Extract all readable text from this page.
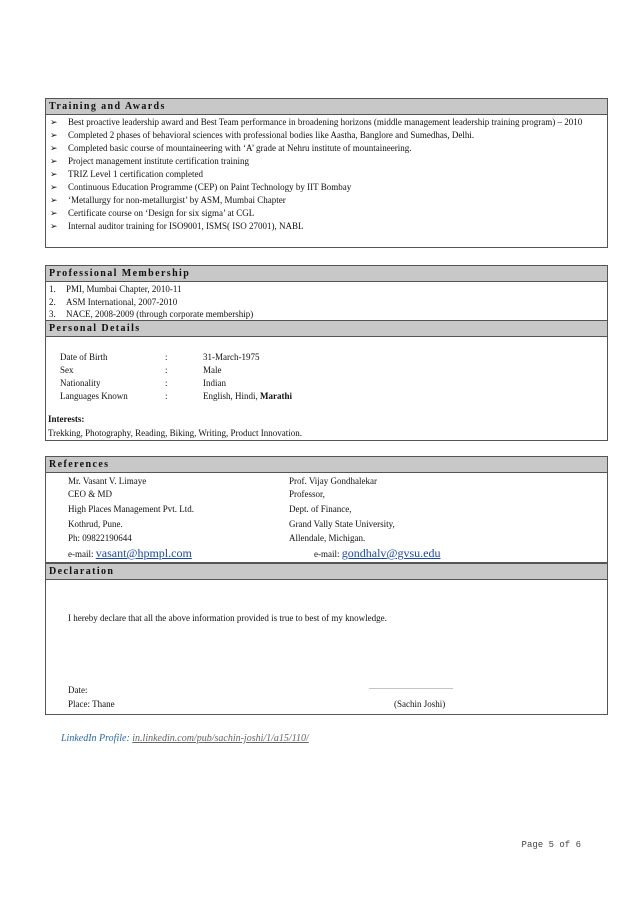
Training and Awards
➢ Best proactive leadership award and Best Team performance in broadening horizons (middle management leadership training program) – 2010
➢ Completed 2 phases of behavioral sciences with professional bodies like Aastha, Banglore and Sumedhas, Delhi.
➢ Completed basic course of mountaineering with ‘A’ grade at Nehru institute of mountaineering.
➢ Project management institute certification training
➢ TRIZ Level 1 certification completed
➢ Continuous Education Programme (CEP) on Paint Technology by IIT Bombay
➢ ‘Metallurgy for non-metallurgist’ by ASM, Mumbai Chapter
➢ Certificate course on ‘Design for six sigma’ at CGL
➢ Internal auditor training for ISO9001, ISMS( ISO 27001), NABL
Professional Membership
1. PMI, Mumbai Chapter, 2010-11
2. ASM International, 2007-2010
3. NACE, 2008-2009 (through corporate membership)
Personal Details
Date of Birth	:	31-March-1975
Sex	:	Male
Nationality	:	Indian
Languages Known	:	English, Hindi, Marathi
Interests:
Trekking, Photography, Reading, Biking, Writing, Product Innovation.
References
Mr. Vasant V. Limaye
CEO & MD
High Places Management Pvt. Ltd.
Kothrud, Pune.
Ph: 09822190644
Prof. Vijay Gondhalekar
Professor,
Dept. of Finance,
Grand Vally State University,
Allendale, Michigan.
e-mail: vasant@hpmpl.com	e-mail: gondhalv@gvsu.edu
Declaration
I hereby declare that all the above information provided is true to best of my knowledge.
Date:	________________________
Place: Thane	(Sachin Joshi)
LinkedIn Profile: in.linkedin.com/pub/sachin-joshi/1/a15/110/
Page 5 of 6
